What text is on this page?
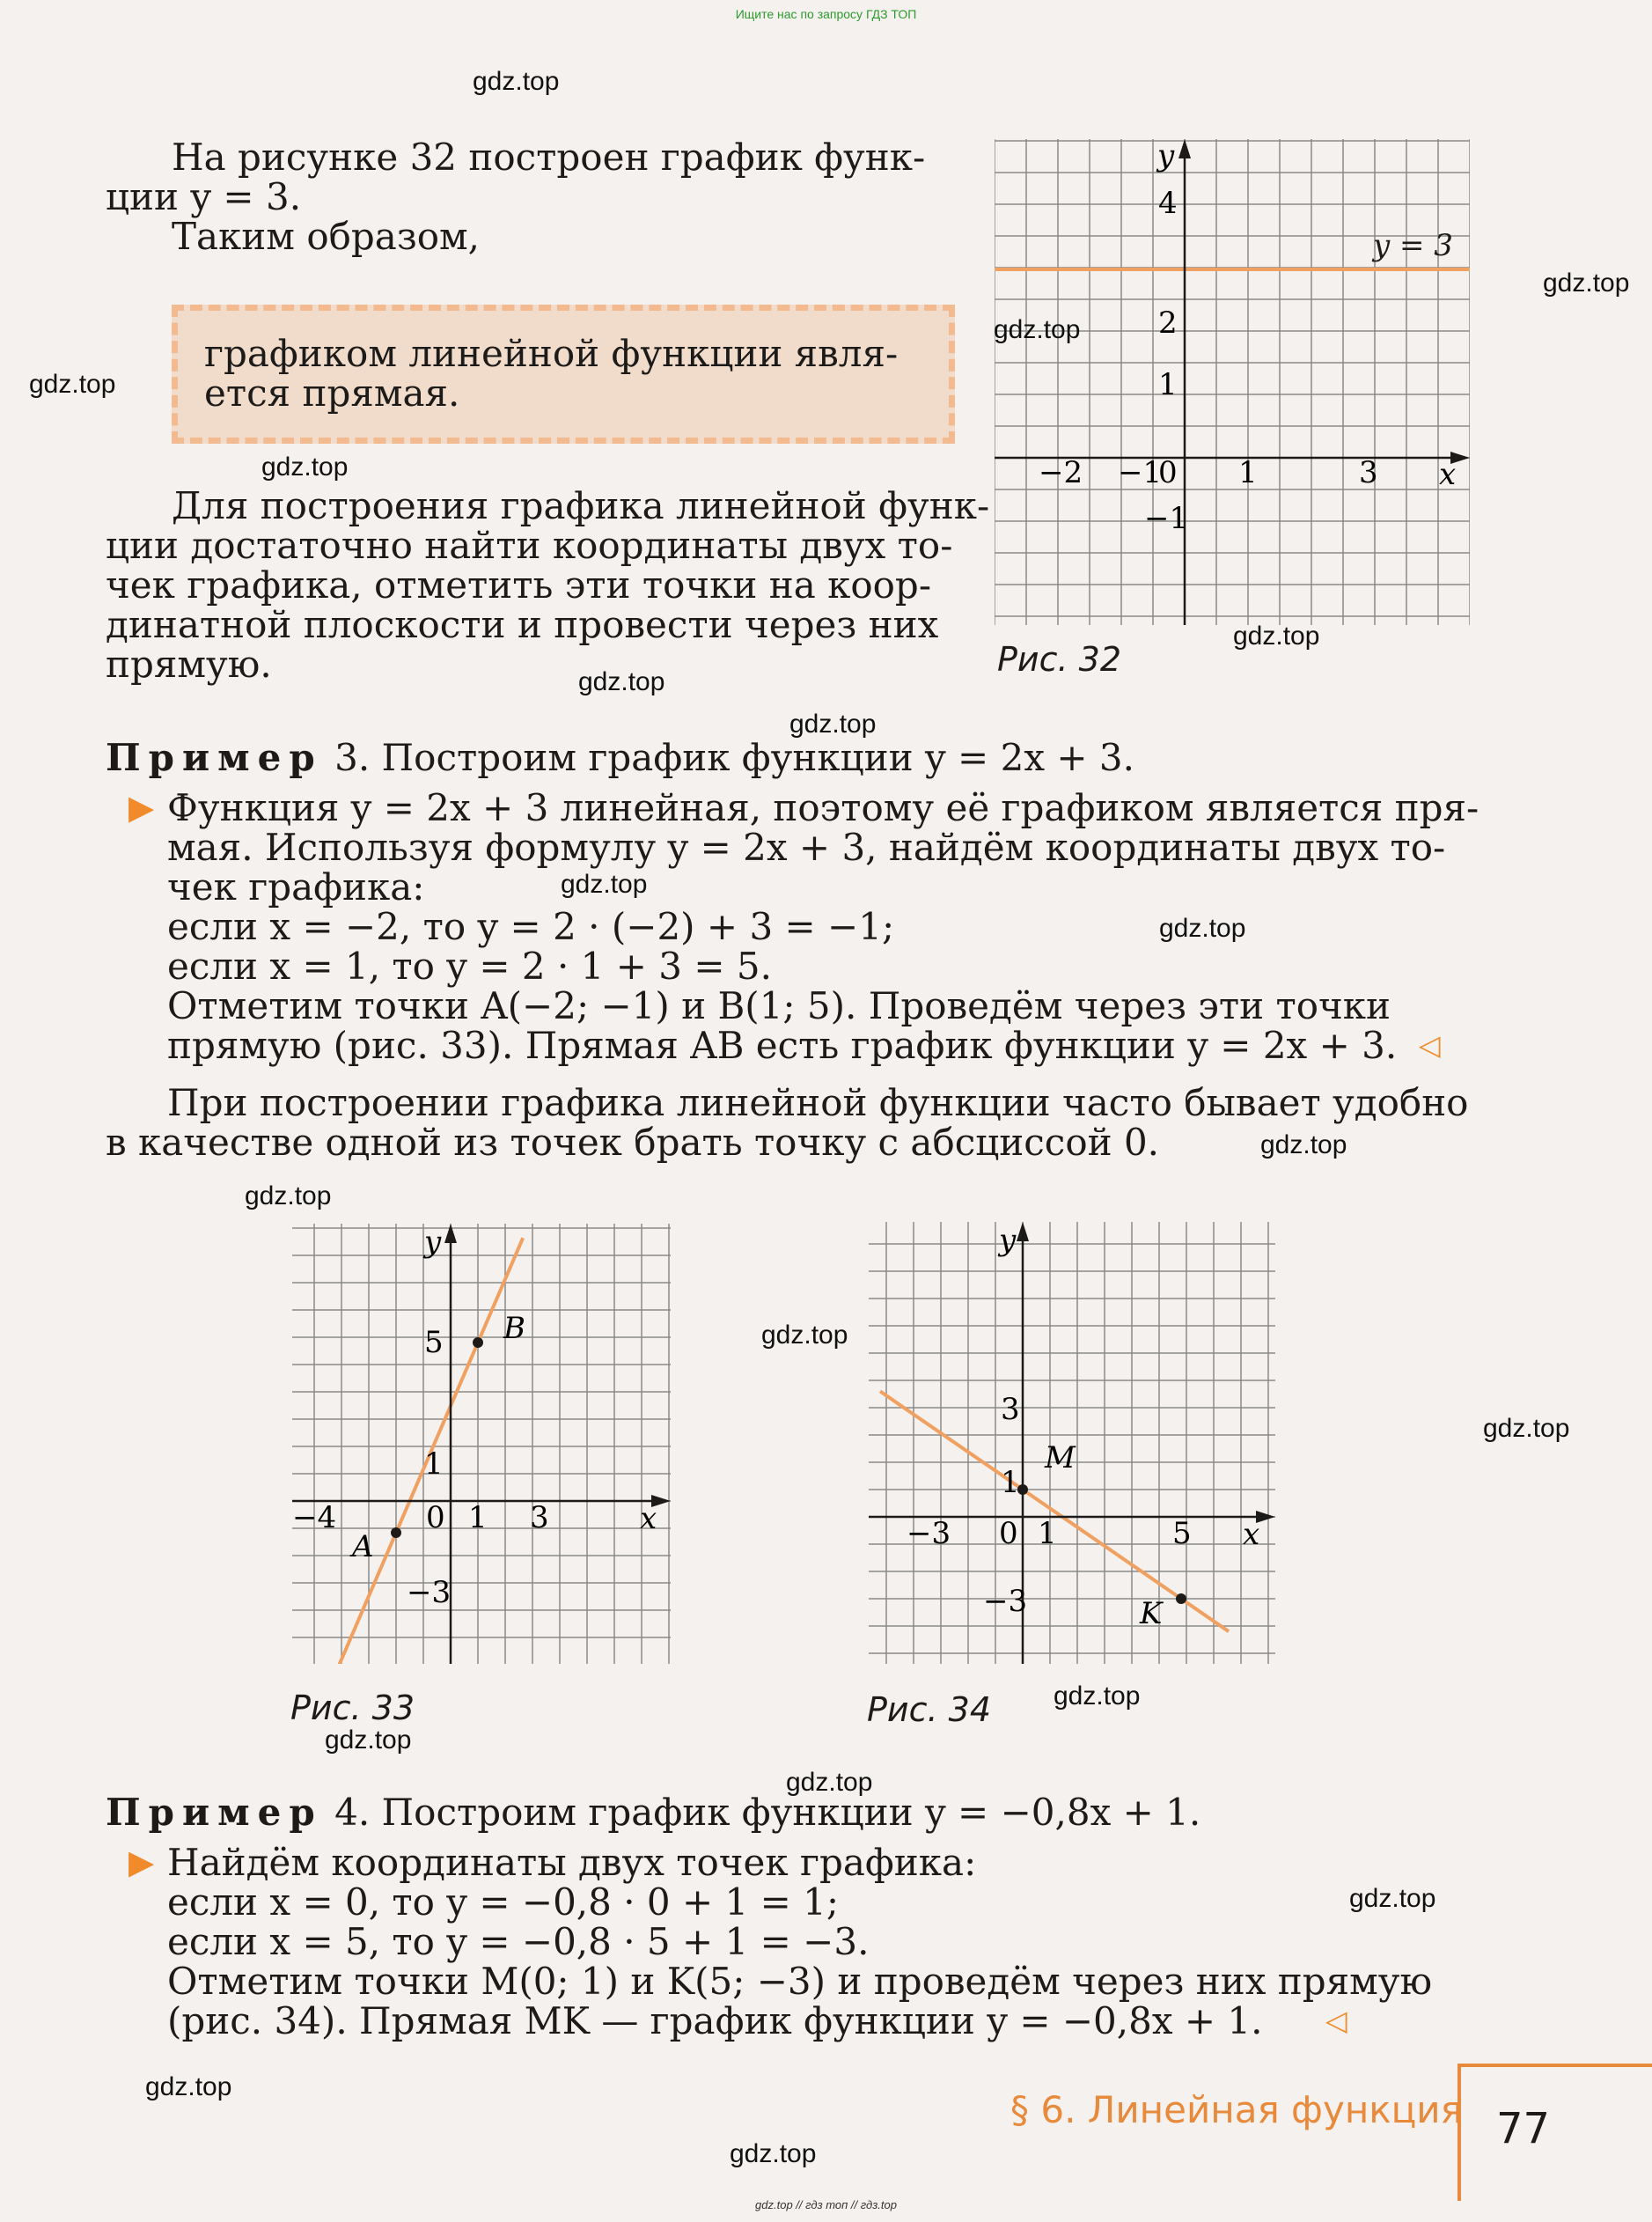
Ищите нас по запросу ГДЗ ТОП
На рисунке 32 построен график функ-
ции y = 3.
Таким образом,
графиком линейной функции явля-
ется прямая.
Для построения графика линейной функ-
ции достаточно найти координаты двух то-
чек графика, отметить эти точки на коор-
динатной плоскости и провести через них
прямую.
y
x
−2 −1
0 1	3
4
2
1
−1
y = 3
Рис. 32
Пример 3. Построим график функции y = 2x + 3.
▶ Функция y = 2x + 3 линейная, поэтому её графиком является пря-
мая. Используя формулу y = 2x + 3, найдём координаты двух то-
чек графика:
если x = −2, то y = 2 · (−2) + 3 = −1;
если x = 1, то y = 2 · 1 + 3 = 5.
Отметим точки A(−2; −1) и B(1; 5). Проведём через эти точки
прямую (рис. 33). Прямая AB есть график функции y = 2x + 3. ◁
При построении графика линейной функции часто бывает удобно
в качестве одной из точек брать точку с абсциссой 0.
y
x
−4	0 1 3
5
1
−3
A
B
Рис. 33
y
x
−3 0 1	5
3
1
−3
M
K
Рис. 34
Пример 4. Построим график функции y = −0,8x + 1.
▶ Найдём координаты двух точек графика:
если x = 0, то y = −0,8 · 0 + 1 = 1;
если x = 5, то y = −0,8 · 5 + 1 = −3.
Отметим точки M(0; 1) и K(5; −3) и проведём через них прямую
(рис. 34). Прямая MK — график функции y = −0,8x + 1. ◁
§ 6. Линейная функция 77
gdz.top
gdz.top
gdz.top
gdz.top
gdz.top
gdz.top
gdz.top
gdz.top
gdz.top
gdz.top
gdz.top
gdz.top
gdz.top
gdz.top
gdz.top
gdz.top
gdz.top
gdz.top
gdz.top
gdz.top
gdz.top // гдз топ // гдз.top
